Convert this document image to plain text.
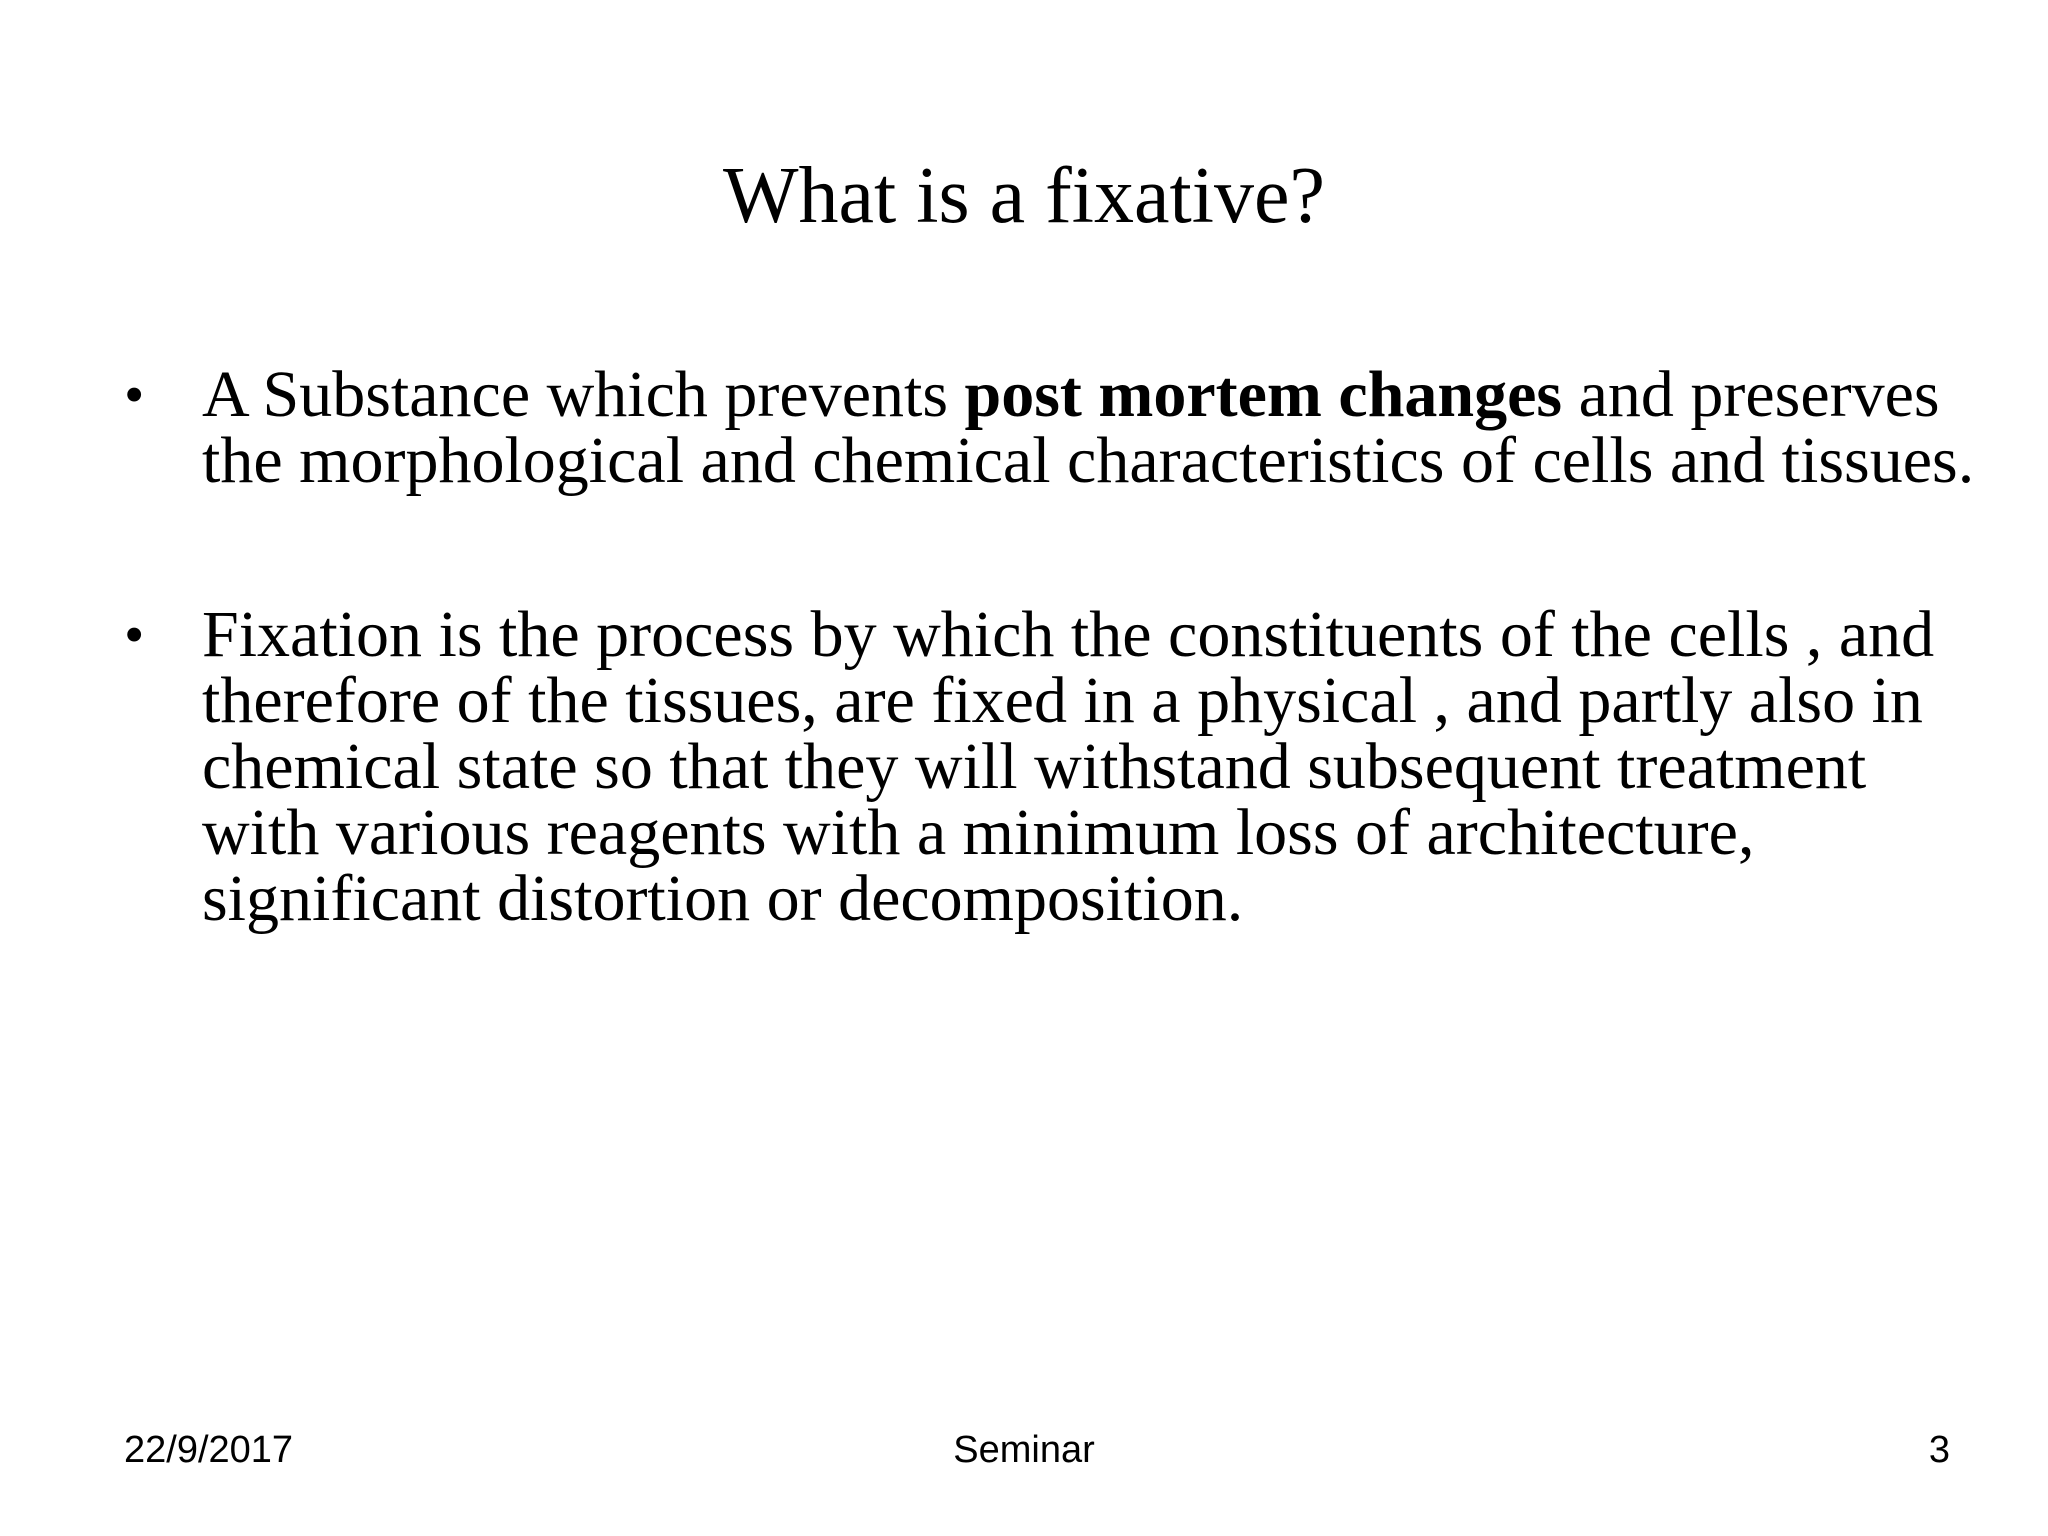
What is a fixative?
• A Substance which prevents post mortem changes and preserves the morphological and chemical characteristics of cells and tissues.
• Fixation is the process by which the constituents of the cells , and therefore of the tissues, are fixed in a physical , and partly also in chemical state so that they will withstand subsequent treatment with various reagents with a minimum loss of architecture, significant distortion or decomposition.
22/9/2017	Seminar	3
